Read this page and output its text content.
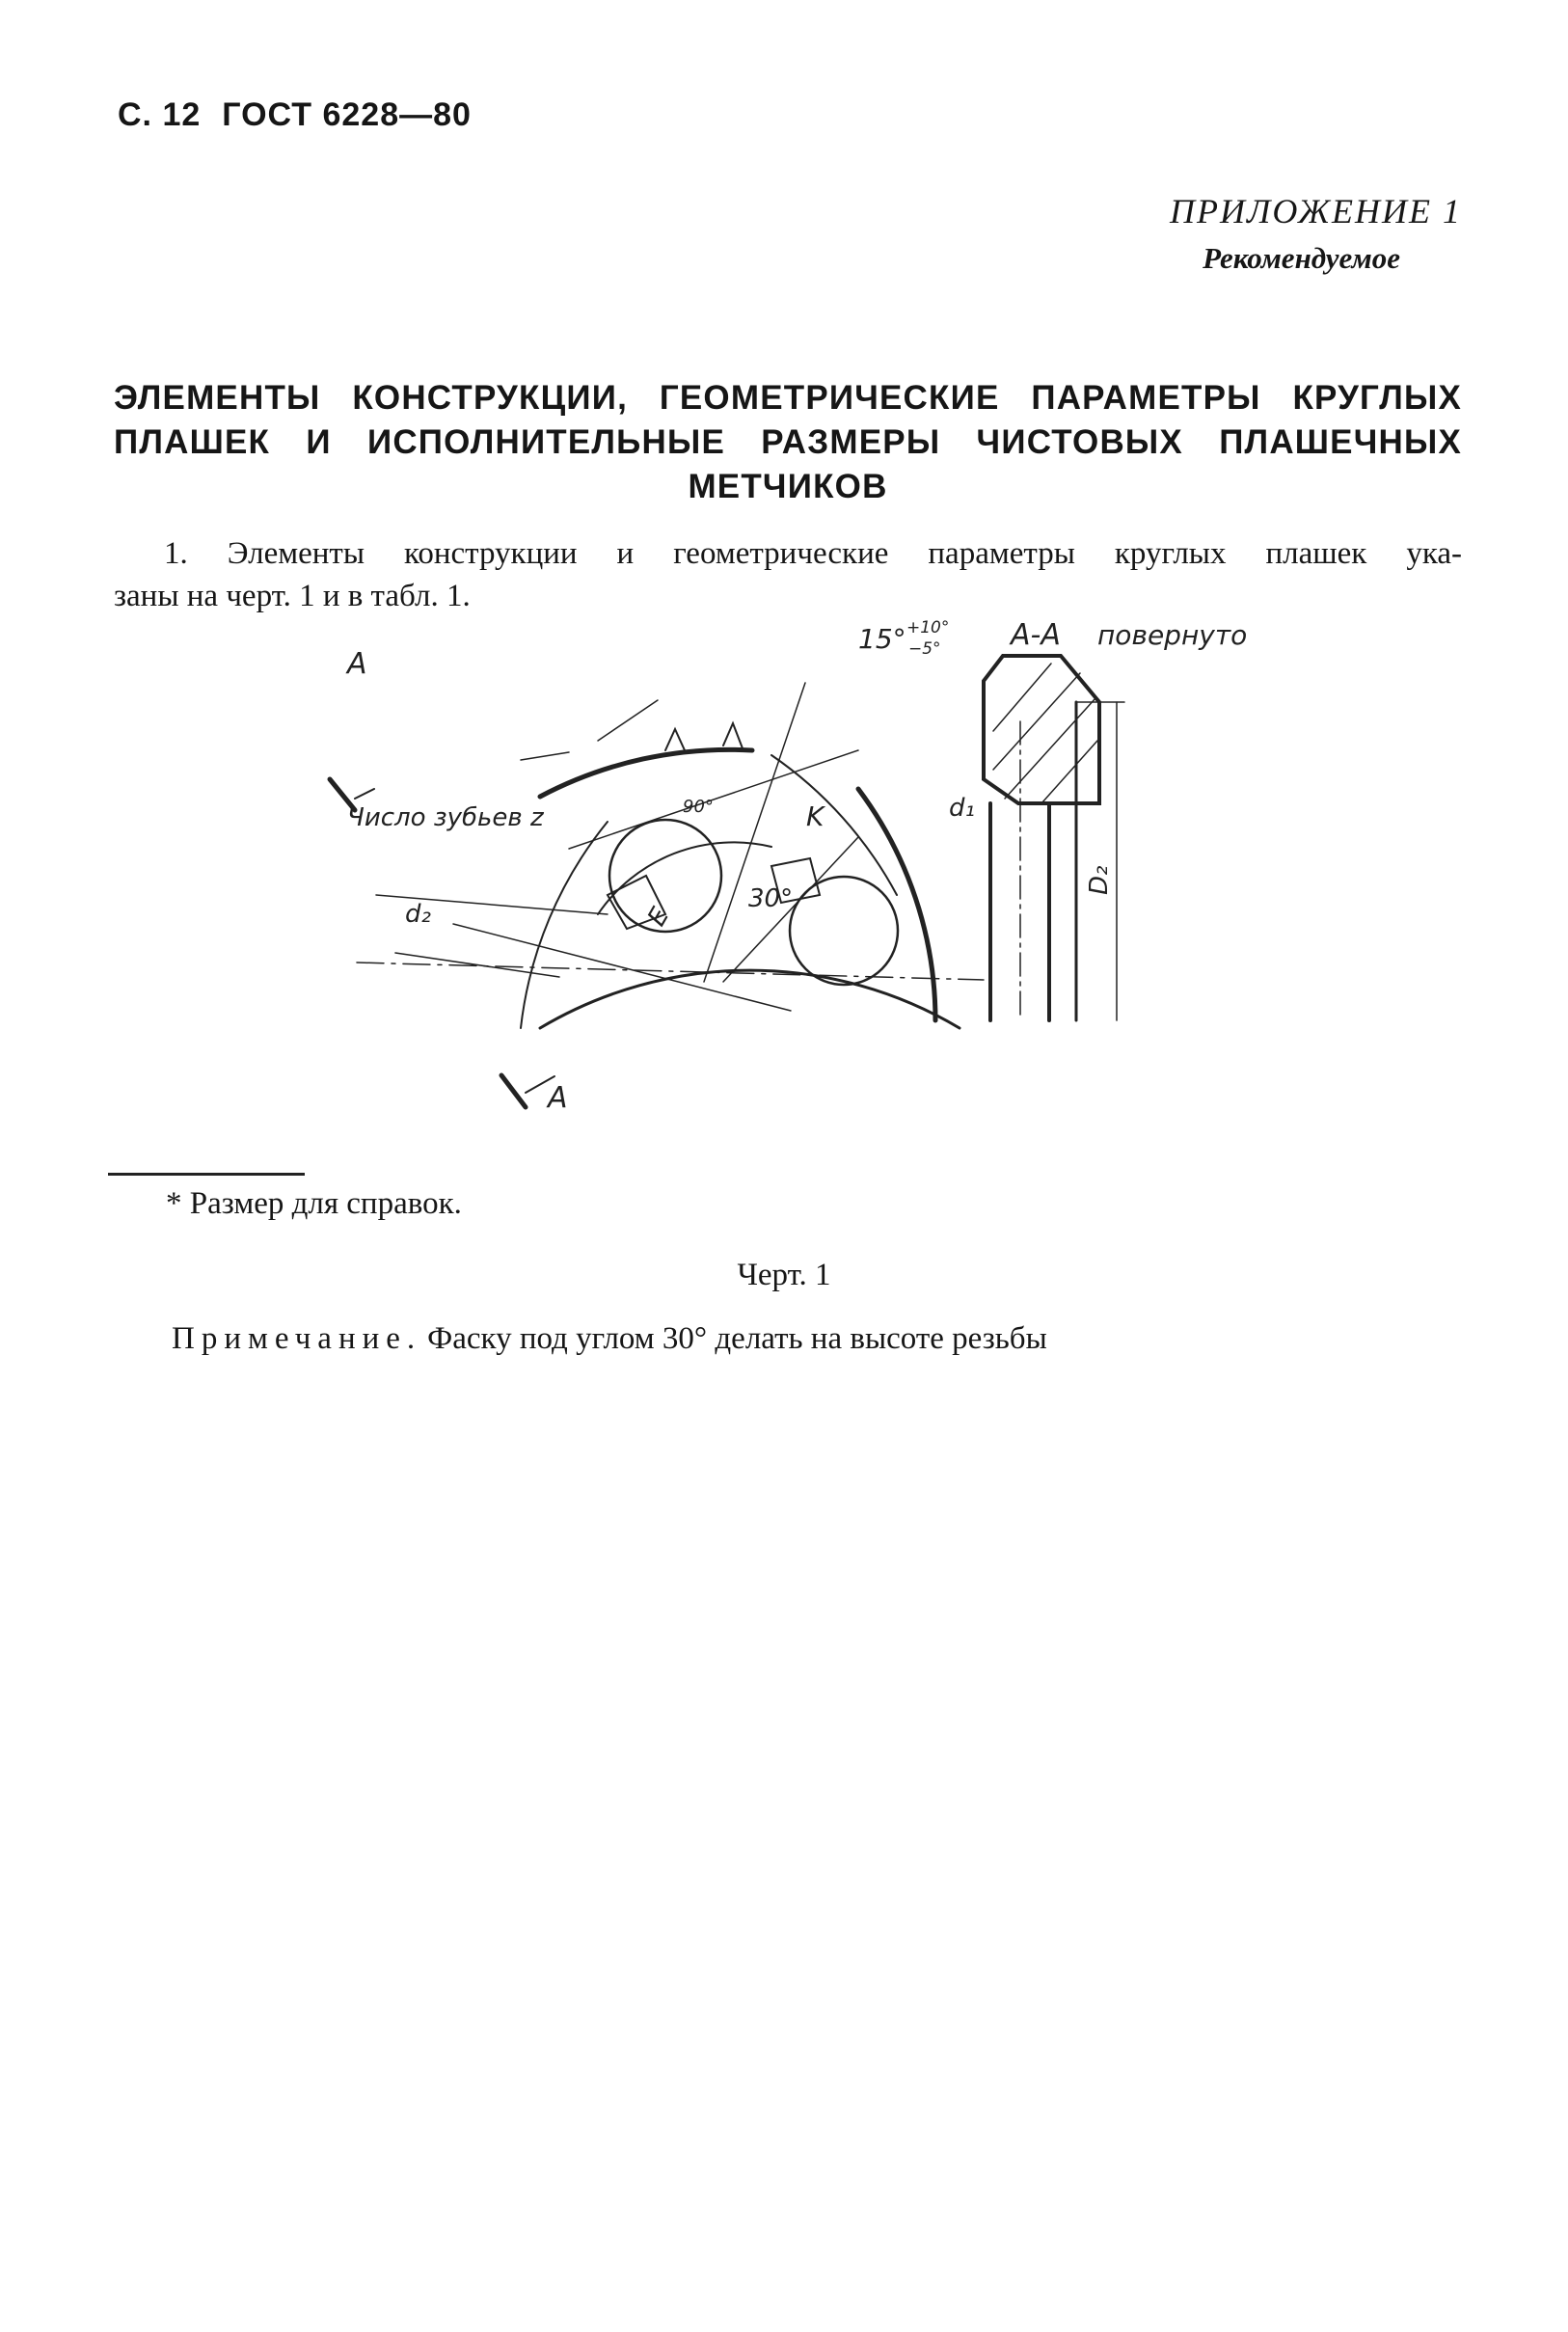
С. 12 ГОСТ 6228—80
ПРИЛОЖЕНИЕ 1
Рекомендуемое
ЭЛЕМЕНТЫ КОНСТРУКЦИИ, ГЕОМЕТРИЧЕСКИЕ ПАРАМЕТРЫ КРУГЛЫХ
ПЛАШЕК И ИСПОЛНИТЕЛЬНЫЕ РАЗМЕРЫ ЧИСТОВЫХ ПЛАШЕЧНЫХ
МЕТЧИКОВ
1. Элементы конструкции и геометрические параметры круглых плашек ука-
заны на черт. 1 и в табл. 1.
A
A
Число зубьев z
15° +10°
−5° A-A повернуто
d₁
d₂
D₂
K
E
30°
90°
* Размер для справок.
Черт. 1
Примечание. Фаску под углом 30° делать на высоте резьбы
